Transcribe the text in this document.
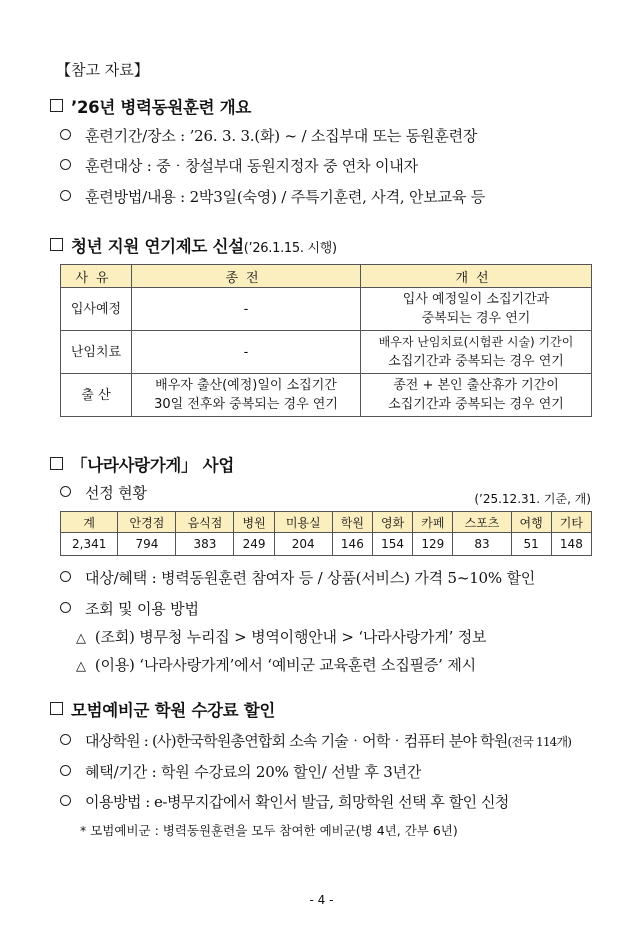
【참고 자료】
’26년 병력동원훈련 개요
훈련기간/장소 : ’26. 3. 3.(화) ~ / 소집부대 또는 동원훈련장
훈련대상 : 중‧창설부대 동원지정자 중 연차 이내자
훈련방법/내용 : 2박3일(숙영) / 주특기훈련, 사격, 안보교육 등
청년 지원 연기제도 신설(’26.1.15. 시행)
사유	종전	개선
입사예정	-	입사 예정일이 소집기간과
중복되는 경우 연기
난임치료	-	배우자 난임치료(시험관 시술) 기간이
소집기간과 중복되는 경우 연기
출 산	배우자 출산(예정)일이 소집기간
30일 전후와 중복되는 경우 연기	종전 + 본인 출산휴가 기간이
소집기간과 중복되는 경우 연기
「나라사랑가게」 사업
선정 현황	(’25.12.31. 기준, 개)
계	안경점	음식점	병원	미용실	학원	영화	카페	스포츠	여행	기타
2,341	794	383	249	204	146	154	129	83	51	148
대상/혜택 : 병력동원훈련 참여자 등 / 상품(서비스) 가격 5~10% 할인
조회 및 이용 방법
△ (조회) 병무청 누리집 > 병역이행안내 > ‘나라사랑가게’ 정보
△ (이용) ‘나라사랑가게’에서 ‘예비군 교육훈련 소집필증’ 제시
모범예비군 학원 수강료 할인
대상학원 : (사)한국학원총연합회 소속 기술‧어학‧컴퓨터 분야 학원(전국 114개)
혜택/기간 : 학원 수강료의 20% 할인/ 선발 후 3년간
이용방법 : e-병무지갑에서 확인서 발급, 희망학원 선택 후 할인 신청
* 모범예비군 : 병력동원훈련을 모두 참여한 예비군(병 4년, 간부 6년)
- 4 -
